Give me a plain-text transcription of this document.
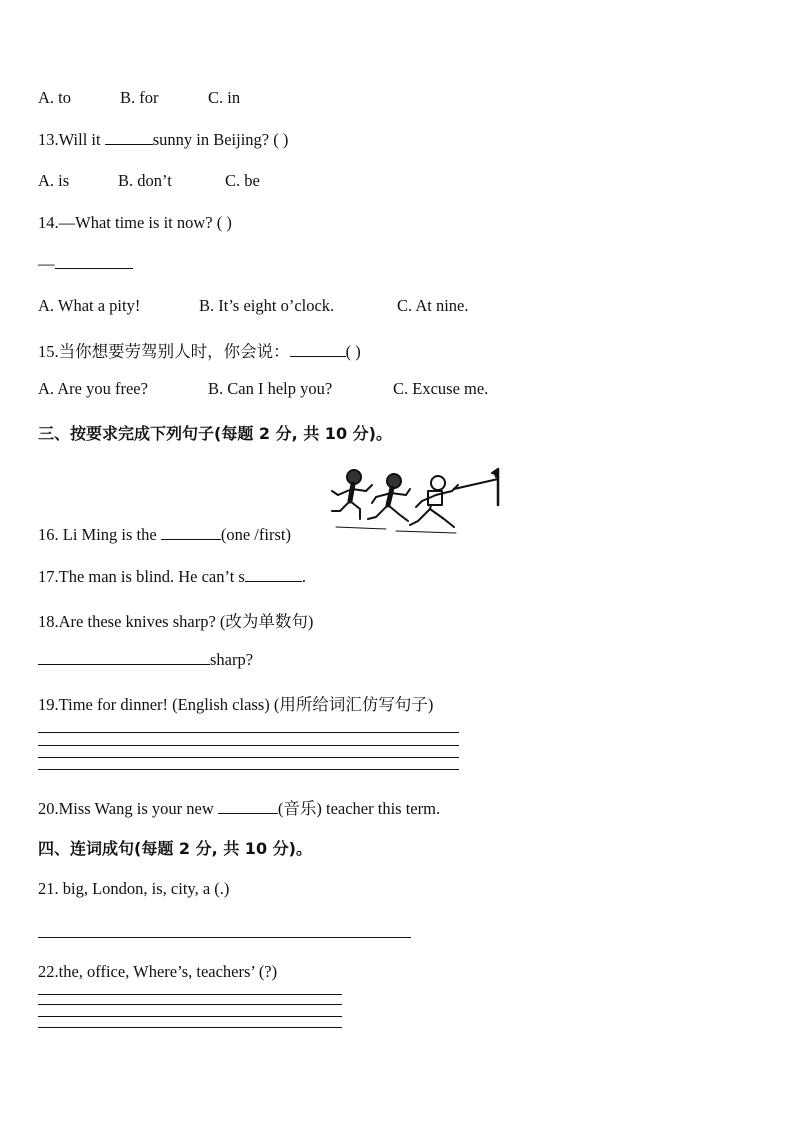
A. to	B. for	C. in
13.Will it	sunny in Beijing? ( )
A. is	B. don’t	C. be
14.—What time is it now? ( )
—
A. What a pity!	B. It’s eight o’clock.	C. At nine.
15.当你想要劳驾别人时，你会说：	( )
A. Are you free?	B. Can I help you?	C. Excuse me.
三、按要求完成下列句子(每题 2 分, 共 10 分)。
16. Li Ming is the	(one /first)
17.The man is blind. He can’t s	.
18.Are these knives sharp? (改为单数句)
sharp?
19.Time for dinner! (English class) (用所给词汇仿写句子)
20.Miss Wang is your new	(音乐) teacher this term.
四、连词成句(每题 2 分, 共 10 分)。
21. big, London, is, city, a (.)
22.the, office, Where’s, teachers’ (?)
